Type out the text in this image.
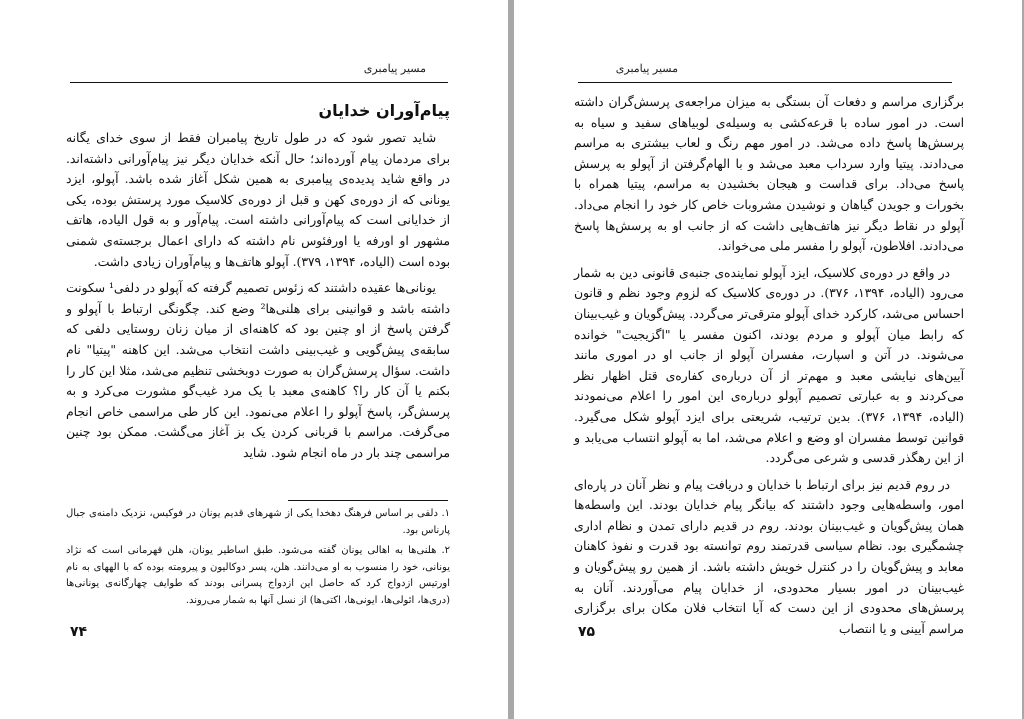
مسیر پیامبری
پیام‌آوران خدایان

شاید تصور شود که در طول تاریخ پیامبران فقط از سوی خدای یگانه برای مردمان پیام آورده‌اند؛ حال آنکه خدایان دیگر نیز پیام‌آورانی داشته‌اند. در واقع شاید پدیده‌ی پیامبری به همین شکل آغاز شده باشد. آپولو، ایزد یونانی که از دوره‌ی کهن و قبل از دوره‌ی کلاسیک مورد پرستش بوده، یکی از خدایانی است که پیام‌آورانی داشته است. پیام‌آور و به قول الیاده، هاتف مشهور او اورفه یا اورفئوس نام داشته که دارای اعمال برجسته‌ی شمنی بوده است (الیاده، ۱۳۹۴، ۳۷۹). آپولو هاتف‌ها و پیام‌آوران زیادی داشت.

یونانی‌ها عقیده داشتند که زئوس تصمیم گرفته که آپولو در دلفی¹ سکونت داشته باشد و قوانینی برای هلنی‌ها² وضع کند. چگونگی ارتباط با آپولو و گرفتن پاسخ از او چنین بود که کاهنه‌ای از میان زنان روستایی دلفی که سابقه‌ی پیش‌گویی و غیب‌بینی داشت انتخاب می‌شد. این کاهنه "پیتیا" نام داشت. سؤال پرسش‌گران به صورت دوبخشی تنظیم می‌شد، مثلا این کار را بکنم یا آن کار را؟ کاهنه‌ی معبد با یک مرد غیب‌گو مشورت می‌کرد و به پرسش‌گر، پاسخ آپولو را اعلام می‌نمود. این کار طی مراسمی خاص انجام می‌گرفت. مراسم با قربانی کردن یک بز آغاز می‌گشت. ممکن بود چنین مراسمی چند بار در ماه انجام شود. شاید

۱. دلفی بر اساس فرهنگ دهخدا یکی از شهرهای قدیم یونان در فوکیس، نزدیک دامنه‌ی جبال پارناس بود.

۲. هلنی‌ها به اهالی یونان گفته می‌شود. طبق اساطیر یونان، هلن قهرمانی است که نژاد یونانی، خود را منسوب به او می‌دانند. هلن، پسر دوکالیون و پیرومته بوده که با الههای به نام اورتیس ازدواج کرد که حاصل این ازدواج پسرانی بودند که طوایف چهارگانه‌ی یونانی‌ها (دری‌ها، ائولی‌ها، ایونی‌ها، اکتی‌ها) از نسل آنها به شمار می‌روند.

۷۴
مسیر پیامبری

برگزاری مراسم و دفعات آن بستگی به میزان مراجعه‌ی پرسش‌گران داشته است. در امور ساده با قرعه‌کشی به وسیله‌ی لوبیاهای سفید و سیاه به پرسش‌ها پاسخ داده می‌شد. در امور مهم رنگ و لعاب بیشتری به مراسم می‌دادند. پیتیا وارد سرداب معبد می‌شد و با الهام‌گرفتن از آپولو به پرسش پاسخ می‌داد. برای قداست و هیجان بخشیدن به مراسم، پیتیا همراه با بخورات و جویدن گیاهان و نوشیدن مشروبات خاص کار خود را انجام می‌داد. آپولو در نقاط دیگر نیز هاتف‌هایی داشت که از جانب او به پرسش‌ها پاسخ می‌دادند. افلاطون، آپولو را مفسر ملی می‌خواند.

در واقع در دوره‌ی کلاسیک، ایزد آپولو نماینده‌ی جنبه‌ی قانونی دین به شمار می‌رود (الیاده، ۱۳۹۴، ۳۷۶). در دوره‌ی کلاسیک که لزوم وجود نظم و قانون احساس می‌شد، کارکرد خدای آپولو مترقی‌تر می‌گردد. پیش‌گویان و غیب‌بینان که رابط میان آپولو و مردم بودند، اکنون مفسر یا "اگزیجیت" خوانده می‌شوند. در آتن و اسپارت، مفسران آپولو از جانب او در اموری مانند آیین‌های نیایشی معبد و مهم‌تر از آن درباره‌ی کفاره‌ی قتل اظهار نظر می‌کردند و به عبارتی تصمیم آپولو درباره‌ی این امور را اعلام می‌نمودند (الیاده، ۱۳۹۴، ۳۷۶). بدین ترتیب، شریعتی برای ایزد آپولو شکل می‌گیرد. قوانین توسط مفسران او وضع و اعلام می‌شد، اما به آپولو انتساب می‌یابد و از این رهگذر قدسی و شرعی می‌گردد.

در روم قدیم نیز برای ارتباط با خدایان و دریافت پیام و نظر آنان در پاره‌ای امور، واسطه‌هایی وجود داشتند که بیانگر پیام خدایان بودند. این واسطه‌ها همان پیش‌گویان و غیب‌بینان بودند. روم در قدیم دارای تمدن و نظام اداری چشمگیری بود. نظام سیاسی قدرتمند روم توانسته بود قدرت و نفوذ کاهنان معابد و پیش‌گویان را در کنترل خویش داشته باشد. از همین رو پیش‌گویان و غیب‌بینان در امور بسیار محدودی، از خدایان پیام می‌آوردند. آنان به پرسش‌های محدودی از این دست که آیا انتخاب فلان مکان برای برگزاری مراسم آیینی و یا انتصاب

۷۵
